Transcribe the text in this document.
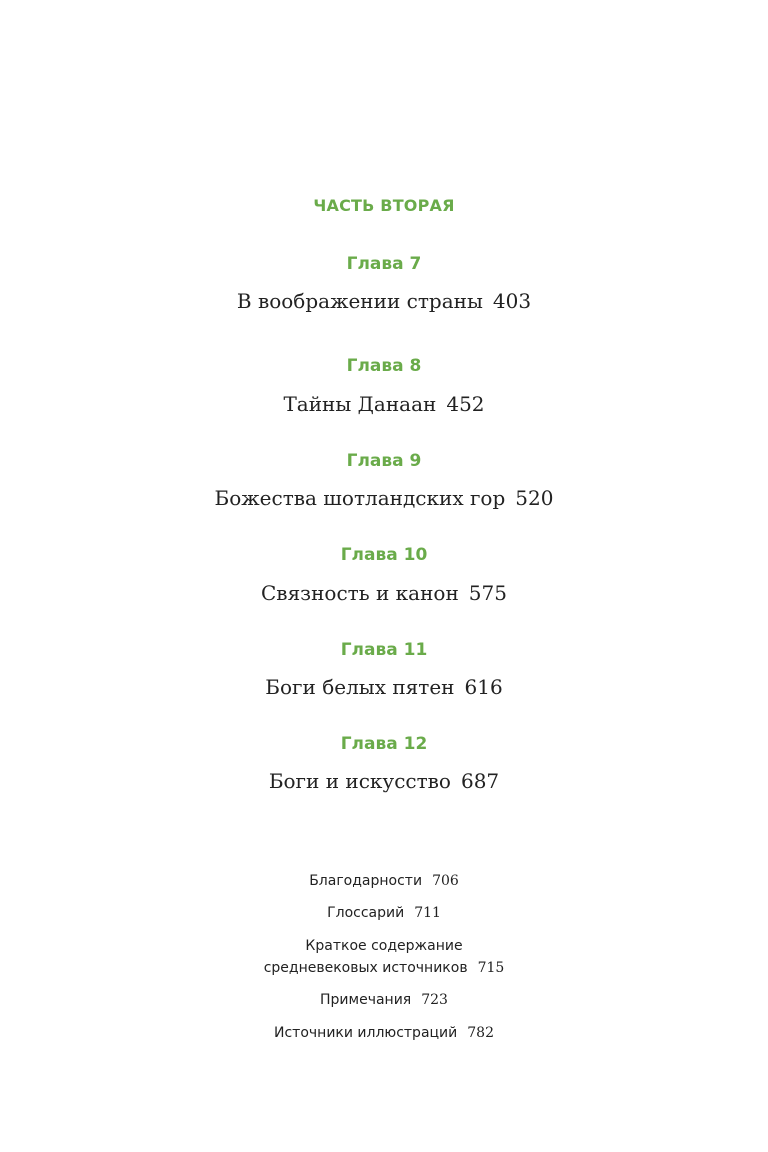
ЧАСТЬ ВТОРАЯ
Глава 7
В воображении страны 403
Глава 8
Тайны Данаан 452
Глава 9
Божества шотландских гор 520
Глава 10
Связность и канон 575
Глава 11
Боги белых пятен 616
Глава 12
Боги и искусство 687
Благодарности 706
Глоссарий 711
Краткое содержание
средневековых источников 715
Примечания 723
Источники иллюстраций 782
